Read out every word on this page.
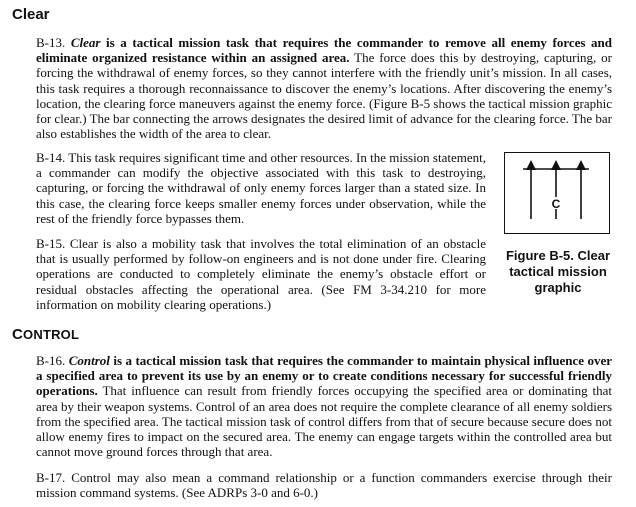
Clear

B-13. Clear is a tactical mission task that requires the commander to remove all enemy forces and eliminate organized resistance within an assigned area. The force does this by destroying, capturing, or forcing the withdrawal of enemy forces, so they cannot interfere with the friendly unit’s mission. In all cases, this task requires a thorough reconnaissance to discover the enemy’s locations. After discovering the enemy’s location, the clearing force maneuvers against the enemy force. (Figure B-5 shows the tactical mission graphic for clear.) The bar connecting the arrows designates the desired limit of advance for the clearing force. The bar also establishes the width of the area to clear.

B-14. This task requires significant time and other resources. In the mission statement, a commander can modify the objective associated with this task to destroying, capturing, or forcing the withdrawal of only enemy forces larger than a stated size. In this case, the clearing force keeps smaller enemy forces under observation, while the rest of the friendly force bypasses them.

B-15. Clear is also a mobility task that involves the total elimination of an obstacle that is usually performed by follow-on engineers and is not done under fire. Clearing operations are conducted to completely eliminate the enemy’s obstacle effort or residual obstacles affecting the operational area. (See FM 3-34.210 for more information on mobility clearing operations.)

C
Figure B-5. Clear tactical mission graphic
CONTROL

B-16. Control is a tactical mission task that requires the commander to maintain physical influence over a specified area to prevent its use by an enemy or to create conditions necessary for successful friendly operations. That influence can result from friendly forces occupying the specified area or dominating that area by their weapon systems. Control of an area does not require the complete clearance of all enemy soldiers from the specified area. The tactical mission task of control differs from that of secure because secure does not allow enemy fires to impact on the secured area. The enemy can engage targets within the controlled area but cannot move ground forces through that area.

B-17. Control may also mean a command relationship or a function commanders exercise through their mission command systems. (See ADRPs 3-0 and 6-0.)
